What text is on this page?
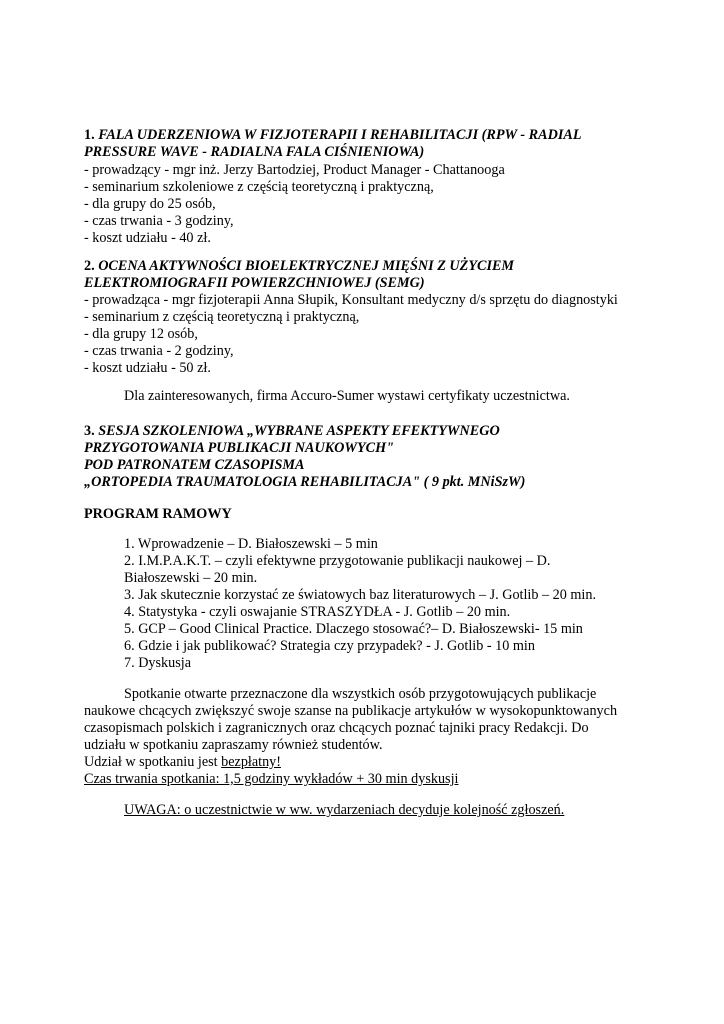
1. FALA UDERZENIOWA W FIZJOTERAPII I REHABILITACJI (RPW - RADIAL
PRESSURE WAVE - RADIALNA FALA CIŚNIENIOWA)
- prowadzący - mgr inż. Jerzy Bartodziej, Product Manager - Chattanooga
- seminarium szkoleniowe z częścią teoretyczną i praktyczną,
- dla grupy do 25 osób,
- czas trwania - 3 godziny,
- koszt udziału - 40 zł.
2. OCENA AKTYWNOŚCI BIOELEKTRYCZNEJ MIĘŚNI Z UŻYCIEM
ELEKTROMIOGRAFII POWIERZCHNIOWEJ (SEMG)
- prowadząca - mgr fizjoterapii Anna Słupik, Konsultant medyczny d/s sprzętu do diagnostyki
- seminarium z częścią teoretyczną i praktyczną,
- dla grupy 12 osób,
- czas trwania - 2 godziny,
- koszt udziału - 50 zł.
Dla zainteresowanych, firma Accuro-Sumer wystawi certyfikaty uczestnictwa.
3. SESJA SZKOLENIOWA „WYBRANE ASPEKTY EFEKTYWNEGO
PRZYGOTOWANIA PUBLIKACJI NAUKOWYCH"
POD PATRONATEM CZASOPISMA
„ORTOPEDIA TRAUMATOLOGIA REHABILITACJA" ( 9 pkt. MNiSzW)
PROGRAM RAMOWY
1. Wprowadzenie – D. Białoszewski – 5 min
2. I.M.P.A.K.T. – czyli efektywne przygotowanie publikacji naukowej – D.
Białoszewski – 20 min.
3. Jak skutecznie korzystać ze światowych baz literaturowych – J. Gotlib – 20 min.
4. Statystyka - czyli oswajanie STRASZYDŁA - J. Gotlib – 20 min.
5. GCP – Good Clinical Practice. Dlaczego stosować?– D. Białoszewski- 15 min
6. Gdzie i jak publikować? Strategia czy przypadek? - J. Gotlib - 10 min
7. Dyskusja
Spotkanie otwarte przeznaczone dla wszystkich osób przygotowujących publikacje
naukowe chcących zwiększyć swoje szanse na publikacje artykułów w wysokopunktowanych
czasopismach polskich i zagranicznych oraz chcących poznać tajniki pracy Redakcji. Do
udziału w spotkaniu zapraszamy również studentów.
Udział w spotkaniu jest bezpłatny!
Czas trwania spotkania: 1,5 godziny wykładów + 30 min dyskusji
UWAGA: o uczestnictwie w ww. wydarzeniach decyduje kolejność zgłoszeń.
